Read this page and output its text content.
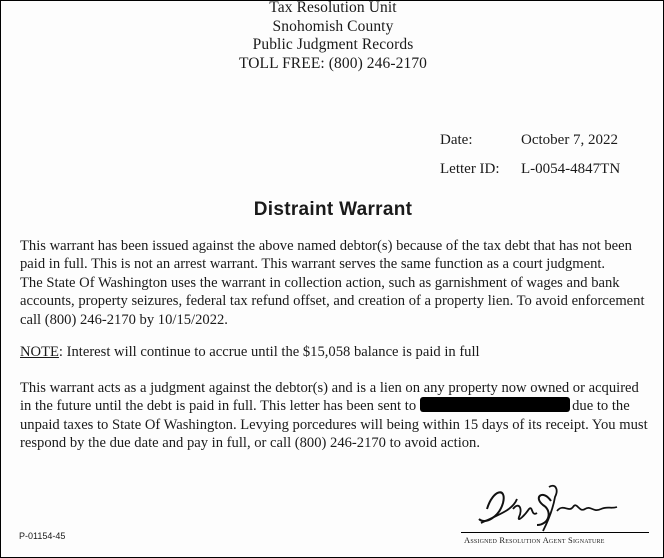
Tax Resolution Unit
Snohomish County
Public Judgment Records
TOLL FREE: (800) 246-2170
Date:	October 7, 2022
Letter ID: L-0054-4847TN
Distraint Warrant
This warrant has been issued against the above named debtor(s) because of the tax debt that has not been
paid in full. This is not an arrest warrant. This warrant serves the same function as a court judgment.
The State Of Washington uses the warrant in collection action, such as garnishment of wages and bank
accounts, property seizures, federal tax refund offset, and creation of a property lien. To avoid enforcement
call (800) 246-2170 by 10/15/2022.
NOTE: Interest will continue to accrue until the $15,058 balance is paid in full
This warrant acts as a judgment against the debtor(s) and is a lien on any property now owned or acquired
in the future until the debt is paid in full. This letter has been sent to	due to the
unpaid taxes to State Of Washington. Levying porcedures will being within 15 days of its receipt. You must
respond by the due date and pay in full, or call (800) 246-2170 to avoid action.
P-01154-45	Assigned Resolution Agent Signature
